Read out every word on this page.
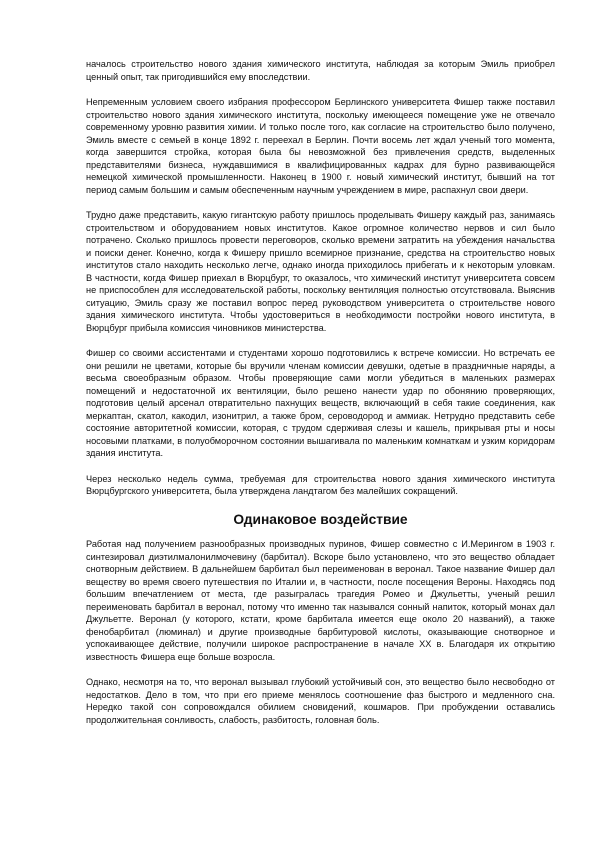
началось строительство нового здания химического института, наблюдая за которым Эмиль приобрел ценный опыт, так пригодившийся ему впоследствии.

Непременным условием своего избрания профессором Берлинского университета Фишер также поставил строительство нового здания химического института, поскольку имеющееся помещение уже не отвечало современному уровню развития химии. И только после того, как согласие на строительство было получено, Эмиль вместе с семьей в конце 1892 г. переехал в Берлин. Почти восемь лет ждал ученый того момента, когда завершится стройка, которая была бы невозможной без привлечения средств, выделенных представителями бизнеса, нуждавшимися в квалифицированных кадрах для бурно развивающейся немецкой химической промышленности. Наконец в 1900 г. новый химический институт, бывший на тот период самым большим и самым обеспеченным научным учреждением в мире, распахнул свои двери.

Трудно даже представить, какую гигантскую работу пришлось проделывать Фишеру каждый раз, занимаясь строительством и оборудованием новых институтов. Какое огромное количество нервов и сил было потрачено. Сколько пришлось провести переговоров, сколько времени затратить на убеждения начальства и поиски денег. Конечно, когда к Фишеру пришло всемирное признание, средства на строительство новых институтов стало находить несколько легче, однако иногда приходилось прибегать и к некоторым уловкам. В частности, когда Фишер приехал в Вюрцбург, то оказалось, что химический институт университета совсем не приспособлен для исследовательской работы, поскольку вентиляция полностью отсутствовала. Выяснив ситуацию, Эмиль сразу же поставил вопрос перед руководством университета о строительстве нового здания химического института. Чтобы удостовериться в необходимости постройки нового института, в Вюрцбург прибыла комиссия чиновников министерства.

Фишер со своими ассистентами и студентами хорошо подготовились к встрече комиссии. Но встречать ее они решили не цветами, которые бы вручили членам комиссии девушки, одетые в праздничные наряды, а весьма своеобразным образом. Чтобы проверяющие сами могли убедиться в маленьких размерах помещений и недостаточной их вентиляции, было решено нанести удар по обонянию проверяющих, подготовив целый арсенал отвратительно пахнущих веществ, включающий в себя такие соединения, как меркаптан, скатол, какодил, изонитрил, а также бром, сероводород и аммиак. Нетрудно представить себе состояние авторитетной комиссии, которая, с трудом сдерживая слезы и кашель, прикрывая рты и носы носовыми платками, в полуобморочном состоянии вышагивала по маленьким комнаткам и узким коридорам здания института.

Через несколько недель сумма, требуемая для строительства нового здания химического института Вюрцбургского университета, была утверждена ландтагом без малейших сокращений.

Одинаковое воздействие

Работая над получением разнообразных производных пуринов, Фишер совместно с И.Мерингом в 1903 г. синтезировал диэтилмалонилмочевину (барбитал). Вскоре было установлено, что это вещество обладает снотворным действием. В дальнейшем барбитал был переименован в веронал. Такое название Фишер дал веществу во время своего путешествия по Италии и, в частности, после посещения Вероны. Находясь под большим впечатлением от места, где разыгралась трагедия Ромео и Джульетты, ученый решил переименовать барбитал в веронал, потому что именно так назывался сонный напиток, который монах дал Джульетте. Веронал (у которого, кстати, кроме барбитала имеется еще около 20 названий), а также фенобарбитал (люминал) и другие производные барбитуровой кислоты, оказывающие снотворное и успокаивающее действие, получили широкое распространение в начале XX в. Благодаря их открытию известность Фишера еще больше возросла.

Однако, несмотря на то, что веронал вызывал глубокий устойчивый сон, это вещество было несвободно от недостатков. Дело в том, что при его приеме менялось соотношение фаз быстрого и медленного сна. Нередко такой сон сопровождался обилием сновидений, кошмаров. При пробуждении оставались продолжительная сонливость, слабость, разбитость, головная боль.
